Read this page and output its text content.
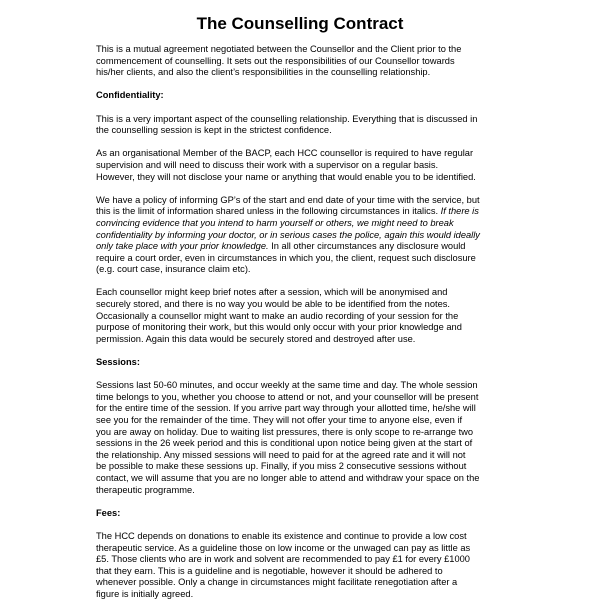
The Counselling Contract

This is a mutual agreement negotiated between the Counsellor and the Client prior to the
commencement of counselling. It sets out the responsibilities of our Counsellor towards
his/her clients, and also the client’s responsibilities in the counselling relationship.

Confidentiality:

This is a very important aspect of the counselling relationship. Everything that is discussed in
the counselling session is kept in the strictest confidence.

As an organisational Member of the BACP, each HCC counsellor is required to have regular
supervision and will need to discuss their work with a supervisor on a regular basis.
However, they will not disclose your name or anything that would enable you to be identified.

We have a policy of informing GP’s of the start and end date of your time with the service, but
this is the limit of information shared unless in the following circumstances in italics. If there is
convincing evidence that you intend to harm yourself or others, we might need to break
confidentiality by informing your doctor, or in serious cases the police, again this would ideally
only take place with your prior knowledge. In all other circumstances any disclosure would
require a court order, even in circumstances in which you, the client, request such disclosure
(e.g. court case, insurance claim etc).

Each counsellor might keep brief notes after a session, which will be anonymised and
securely stored, and there is no way you would be able to be identified from the notes.
Occasionally a counsellor might want to make an audio recording of your session for the
purpose of monitoring their work, but this would only occur with your prior knowledge and
permission. Again this data would be securely stored and destroyed after use.

Sessions:

Sessions last 50-60 minutes, and occur weekly at the same time and day. The whole session
time belongs to you, whether you choose to attend or not, and your counsellor will be present
for the entire time of the session. If you arrive part way through your allotted time, he/she will
see you for the remainder of the time. They will not offer your time to anyone else, even if
you are away on holiday. Due to waiting list pressures, there is only scope to re-arrange two
sessions in the 26 week period and this is conditional upon notice being given at the start of
the relationship. Any missed sessions will need to paid for at the agreed rate and it will not
be possible to make these sessions up. Finally, if you miss 2 consecutive sessions without
contact, we will assume that you are no longer able to attend and withdraw your space on the
therapeutic programme.

Fees:

The HCC depends on donations to enable its existence and continue to provide a low cost
therapeutic service. As a guideline those on low income or the unwaged can pay as little as
£5. Those clients who are in work and solvent are recommended to pay £1 for every £1000
that they earn. This is a guideline and is negotiable, however it should be adhered to
whenever possible. Only a change in circumstances might facilitate renegotiation after a
figure is initially agreed.
